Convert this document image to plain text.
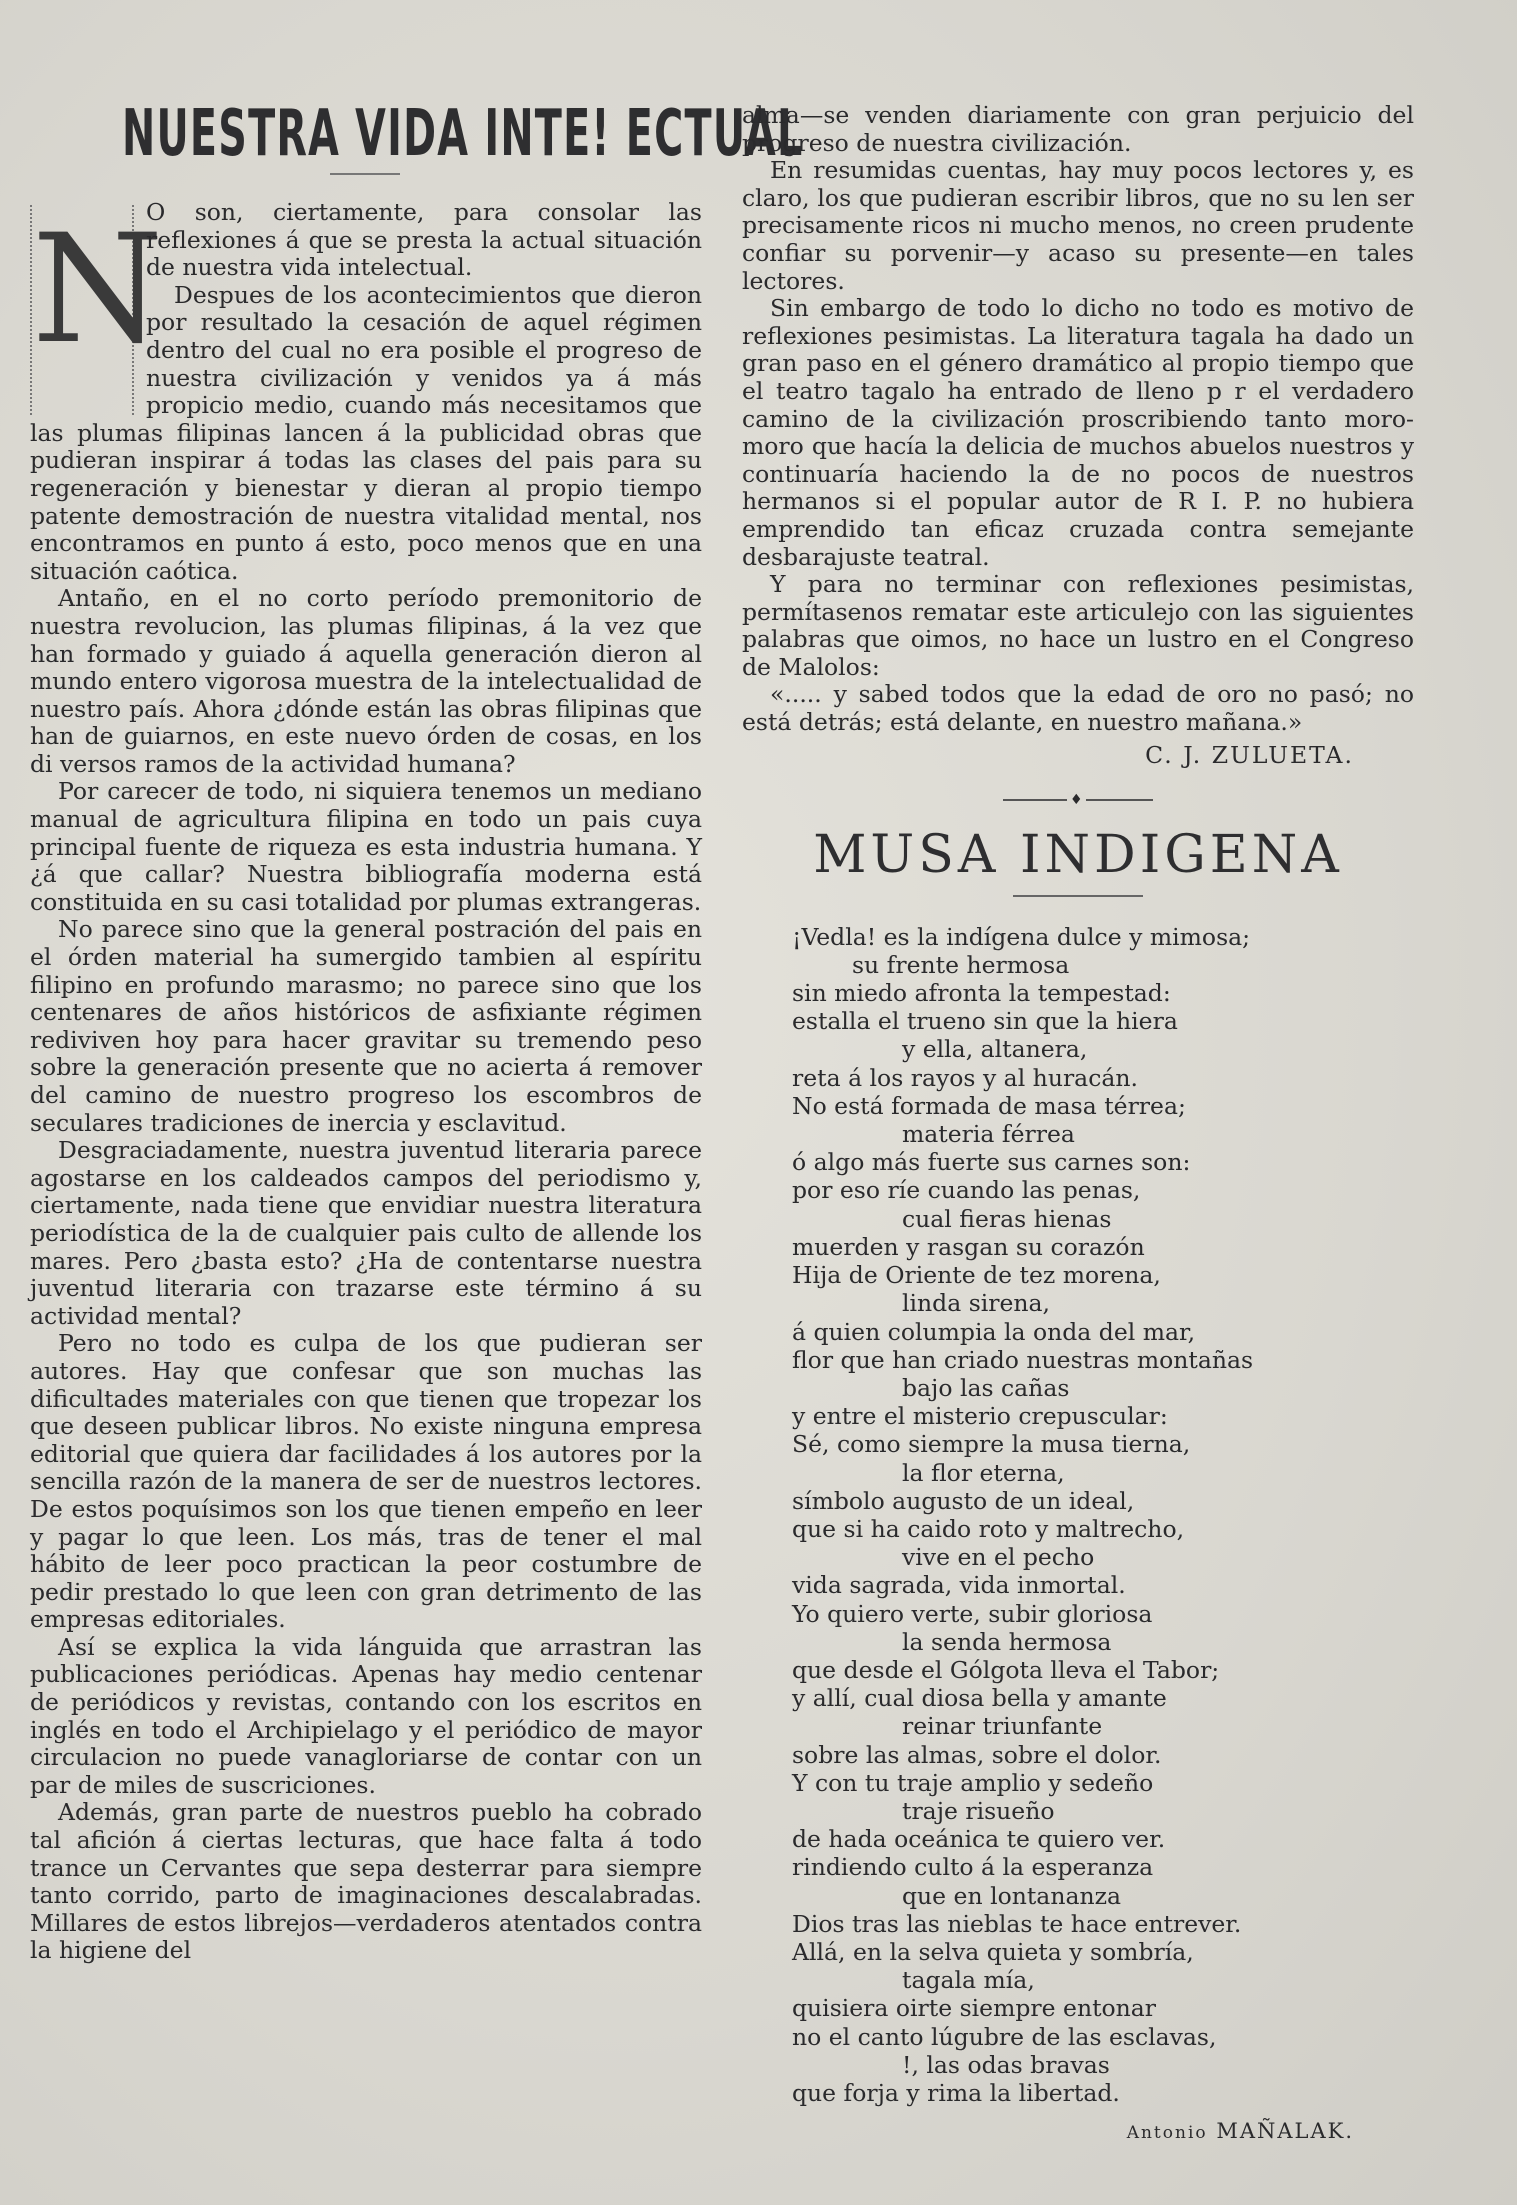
NUESTRA VIDA INTE! ECTUAL
N

O son, ciertamente, para consolar las reflexiones á que se presta la actual situación de nuestra vida intelectual.

Despues de los acontecimientos que dieron por resultado la cesación de aquel régimen dentro del cual no era posible el progreso de nuestra civilización y venidos ya á más propicio medio, cuando más necesitamos que las plumas filipinas lancen á la publicidad obras que pudieran inspirar á todas las clases del pais para su regeneración y bienestar y dieran al propio tiempo patente demostración de nuestra vitalidad mental, nos encontramos en punto á esto, poco menos que en una situación caótica.

Antaño, en el no corto período premonitorio de nuestra revolucion, las plumas filipinas, á la vez que han formado y guiado á aquella generación dieron al mundo entero vigorosa muestra de la intelectualidad de nuestro país. Ahora ¿dónde están las obras filipinas que han de guiarnos, en este nuevo órden de cosas, en los di versos ramos de la actividad humana?

Por carecer de todo, ni siquiera tenemos un mediano manual de agricultura filipina en todo un pais cuya principal fuente de riqueza es esta industria humana. Y ¿á que callar? Nuestra bibliografía moderna está constituida en su casi totalidad por plumas extrangeras.

No parece sino que la general postración del pais en el órden material ha sumergido tambien al espíritu filipino en profundo marasmo; no parece sino que los centenares de años históricos de asfixiante régimen rediviven hoy para hacer gravitar su tremendo peso sobre la generación presente que no acierta á remover del camino de nuestro progreso los escombros de seculares tradiciones de inercia y esclavitud.

Desgraciadamente, nuestra juventud literaria parece agostarse en los caldeados campos del periodismo y, ciertamente, nada tiene que envidiar nuestra literatura periodística de la de cualquier pais culto de allende los mares. Pero ¿basta esto? ¿Ha de contentarse nuestra juventud literaria con trazarse este término á su actividad mental?

Pero no todo es culpa de los que pudieran ser autores. Hay que confesar que son muchas las dificultades materiales con que tienen que tropezar los que deseen publicar libros. No existe ninguna empresa editorial que quiera dar facilidades á los autores por la sencilla razón de la manera de ser de nuestros lectores. De estos poquísimos son los que tienen empeño en leer y pagar lo que leen. Los más, tras de tener el mal hábito de leer poco practican la peor costumbre de pedir prestado lo que leen con gran detrimento de las empresas editoriales.

Así se explica la vida lánguida que arrastran las publicaciones periódicas. Apenas hay medio centenar de periódicos y revistas, contando con los escritos en inglés en todo el Archipielago y el periódico de mayor circulacion no puede vanagloriarse de contar con un par de miles de suscriciones.

Además, gran parte de nuestros pueblo ha cobrado tal afición á ciertas lecturas, que hace falta á todo trance un Cervantes que sepa desterrar para siempre tanto corrido, parto de imaginaciones descalabradas. Millares de estos librejos—verdaderos atentados contra la higiene del

alma—se venden diariamente con gran perjuicio del progreso de nuestra civilización.

En resumidas cuentas, hay muy pocos lectores y, es claro, los que pudieran escribir libros, que no su len ser precisamente ricos ni mucho menos, no creen prudente confiar su porvenir—y acaso su presente—en tales lectores.

Sin embargo de todo lo dicho no todo es motivo de reflexiones pesimistas. La literatura tagala ha dado un gran paso en el género dramático al propio tiempo que el teatro tagalo ha entrado de lleno p r el verdadero camino de la civilización proscribiendo tanto moro-moro que hacía la delicia de muchos abuelos nuestros y continuaría haciendo la de no pocos de nuestros hermanos si el popular autor de R I. P. no hubiera emprendido tan eficaz cruzada contra semejante desbarajuste teatral.

Y para no terminar con reflexiones pesimistas, permítasenos rematar este articulejo con las siguientes palabras que oimos, no hace un lustro en el Congreso de Malolos:

«..... y sabed todos que la edad de oro no pasó; no está detrás; está delante, en nuestro mañana.»

C. J. ZULUETA.
♦
MUSA INDIGENA
¡Vedla! es la indígena dulce y mimosa;
su frente hermosa
sin miedo afronta la tempestad:
estalla el trueno sin que la hiera
y ella, altanera,
reta á los rayos y al huracán.
No está formada de masa térrea;
materia férrea
ó algo más fuerte sus carnes son:
por eso ríe cuando las penas,
cual fieras hienas
muerden y rasgan su corazón
Hija de Oriente de tez morena,
linda sirena,
á quien columpia la onda del mar,
flor que han criado nuestras montañas
bajo las cañas
y entre el misterio crepuscular:
Sé, como siempre la musa tierna,
la flor eterna,
símbolo augusto de un ideal,
que si ha caido roto y maltrecho,
vive en el pecho
vida sagrada, vida inmortal.
Yo quiero verte, subir gloriosa
la senda hermosa
que desde el Gólgota lleva el Tabor;
y allí, cual diosa bella y amante
reinar triunfante
sobre las almas, sobre el dolor.
Y con tu traje amplio y sedeño
traje risueño
de hada oceánica te quiero ver.
rindiendo culto á la esperanza
que en lontananza
Dios tras las nieblas te hace entrever.
Allá, en la selva quieta y sombría,
tagala mía,
quisiera oirte siempre entonar
no el canto lúgubre de las esclavas,
!, las odas bravas
que forja y rima la libertad.
Antonio MAÑALAK.
